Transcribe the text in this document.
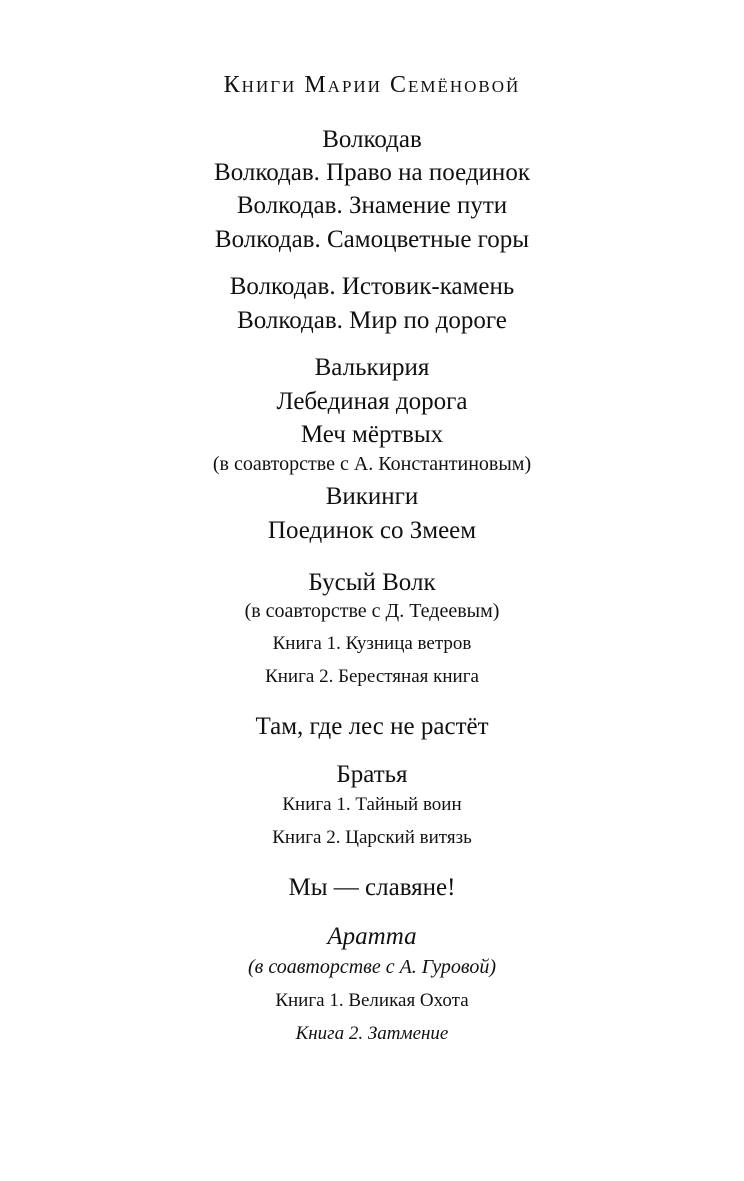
Книги Марии Семёновой
Волкодав
Волкодав. Право на поединок
Волкодав. Знамение пути
Волкодав. Самоцветные горы
Волкодав. Истовик-камень
Волкодав. Мир по дороге
Валькирия
Лебединая дорога
Меч мёртвых
(в соавторстве с А. Константиновым)
Викинги
Поединок со Змеем
Бусый Волк
(в соавторстве с Д. Тедеевым)
Книга 1. Кузница ветров
Книга 2. Берестяная книга
Там, где лес не растёт
Братья
Книга 1. Тайный воин
Книга 2. Царский витязь
Мы — славяне!
Аратта
(в соавторстве с А. Гуровой)
Книга 1. Великая Охота
Книга 2. Затмение
